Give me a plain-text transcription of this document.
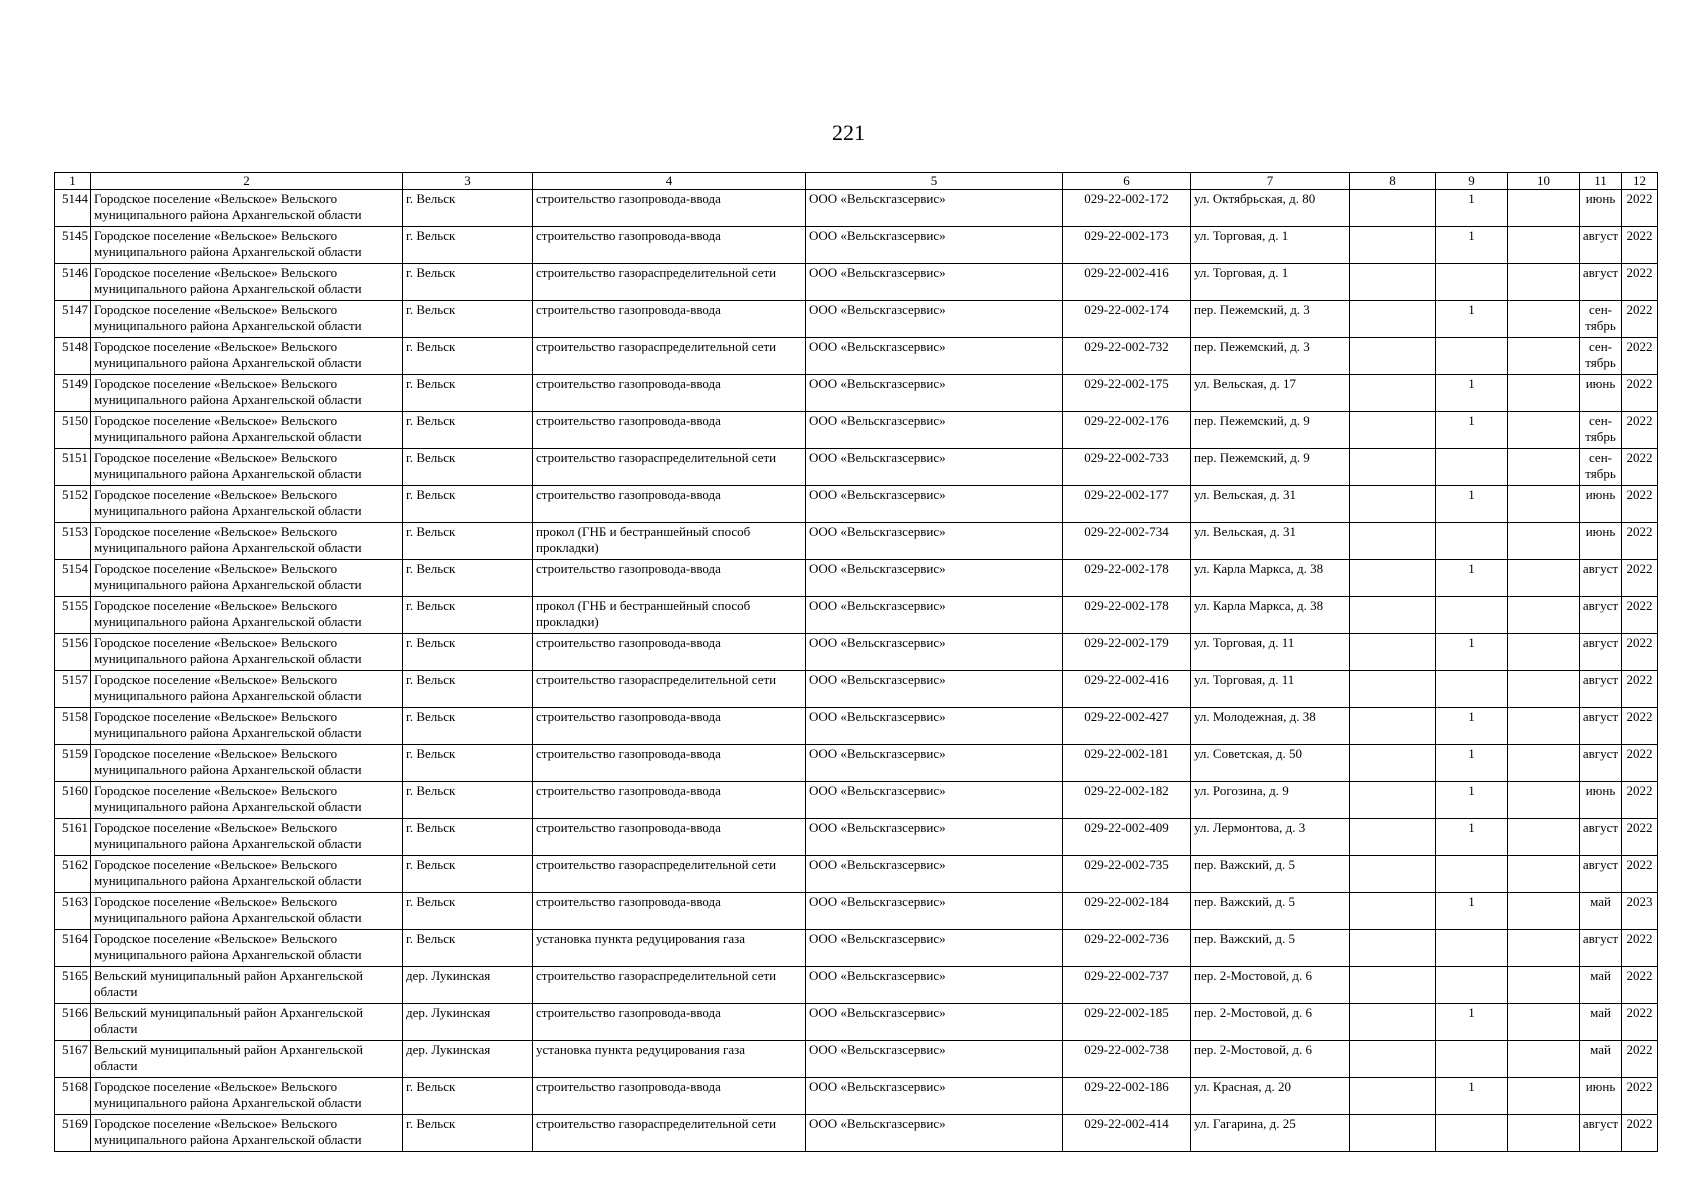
221
1	2	3	4	5	6	7	8	9	10	11	12
5144	Городское поселение «Вельское» Вельского муниципального района Архангельской области	г. Вельск	строительство газопровода-ввода	ООО «Вельскгазсервис»	029-22-002-172	ул. Октябрьская, д. 80		1		июнь	2022
5145	Городское поселение «Вельское» Вельского муниципального района Архангельской области	г. Вельск	строительство газопровода-ввода	ООО «Вельскгазсервис»	029-22-002-173	ул. Торговая, д. 1		1		август	2022
5146	Городское поселение «Вельское» Вельского муниципального района Архангельской области	г. Вельск	строительство газораспределительной сети	ООО «Вельскгазсервис»	029-22-002-416	ул. Торговая, д. 1				август	2022
5147	Городское поселение «Вельское» Вельского муниципального района Архангельской области	г. Вельск	строительство газопровода-ввода	ООО «Вельскгазсервис»	029-22-002-174	пер. Пежемский, д. 3		1		сен-тябрь	2022
5148	Городское поселение «Вельское» Вельского муниципального района Архангельской области	г. Вельск	строительство газораспределительной сети	ООО «Вельскгазсервис»	029-22-002-732	пер. Пежемский, д. 3				сен-тябрь	2022
5149	Городское поселение «Вельское» Вельского муниципального района Архангельской области	г. Вельск	строительство газопровода-ввода	ООО «Вельскгазсервис»	029-22-002-175	ул. Вельская, д. 17		1		июнь	2022
5150	Городское поселение «Вельское» Вельского муниципального района Архангельской области	г. Вельск	строительство газопровода-ввода	ООО «Вельскгазсервис»	029-22-002-176	пер. Пежемский, д. 9		1		сен-тябрь	2022
5151	Городское поселение «Вельское» Вельского муниципального района Архангельской области	г. Вельск	строительство газораспределительной сети	ООО «Вельскгазсервис»	029-22-002-733	пер. Пежемский, д. 9				сен-тябрь	2022
5152	Городское поселение «Вельское» Вельского муниципального района Архангельской области	г. Вельск	строительство газопровода-ввода	ООО «Вельскгазсервис»	029-22-002-177	ул. Вельская, д. 31		1		июнь	2022
5153	Городское поселение «Вельское» Вельского муниципального района Архангельской области	г. Вельск	прокол (ГНБ и бестраншейный способ прокладки)	ООО «Вельскгазсервис»	029-22-002-734	ул. Вельская, д. 31				июнь	2022
5154	Городское поселение «Вельское» Вельского муниципального района Архангельской области	г. Вельск	строительство газопровода-ввода	ООО «Вельскгазсервис»	029-22-002-178	ул. Карла Маркса, д. 38		1		август	2022
5155	Городское поселение «Вельское» Вельского муниципального района Архангельской области	г. Вельск	прокол (ГНБ и бестраншейный способ прокладки)	ООО «Вельскгазсервис»	029-22-002-178	ул. Карла Маркса, д. 38				август	2022
5156	Городское поселение «Вельское» Вельского муниципального района Архангельской области	г. Вельск	строительство газопровода-ввода	ООО «Вельскгазсервис»	029-22-002-179	ул. Торговая, д. 11		1		август	2022
5157	Городское поселение «Вельское» Вельского муниципального района Архангельской области	г. Вельск	строительство газораспределительной сети	ООО «Вельскгазсервис»	029-22-002-416	ул. Торговая, д. 11				август	2022
5158	Городское поселение «Вельское» Вельского муниципального района Архангельской области	г. Вельск	строительство газопровода-ввода	ООО «Вельскгазсервис»	029-22-002-427	ул. Молодежная, д. 38		1		август	2022
5159	Городское поселение «Вельское» Вельского муниципального района Архангельской области	г. Вельск	строительство газопровода-ввода	ООО «Вельскгазсервис»	029-22-002-181	ул. Советская, д. 50		1		август	2022
5160	Городское поселение «Вельское» Вельского муниципального района Архангельской области	г. Вельск	строительство газопровода-ввода	ООО «Вельскгазсервис»	029-22-002-182	ул. Рогозина, д. 9		1		июнь	2022
5161	Городское поселение «Вельское» Вельского муниципального района Архангельской области	г. Вельск	строительство газопровода-ввода	ООО «Вельскгазсервис»	029-22-002-409	ул. Лермонтова, д. 3		1		август	2022
5162	Городское поселение «Вельское» Вельского муниципального района Архангельской области	г. Вельск	строительство газораспределительной сети	ООО «Вельскгазсервис»	029-22-002-735	пер. Важский, д. 5				август	2022
5163	Городское поселение «Вельское» Вельского муниципального района Архангельской области	г. Вельск	строительство газопровода-ввода	ООО «Вельскгазсервис»	029-22-002-184	пер. Важский, д. 5		1		май	2023
5164	Городское поселение «Вельское» Вельского муниципального района Архангельской области	г. Вельск	установка пункта редуцирования газа	ООО «Вельскгазсервис»	029-22-002-736	пер. Важский, д. 5				август	2022
5165	Вельский муниципальный район Архангельской области	дер. Лукинская	строительство газораспределительной сети	ООО «Вельскгазсервис»	029-22-002-737	пер. 2-Мостовой, д. 6				май	2022
5166	Вельский муниципальный район Архангельской области	дер. Лукинская	строительство газопровода-ввода	ООО «Вельскгазсервис»	029-22-002-185	пер. 2-Мостовой, д. 6		1		май	2022
5167	Вельский муниципальный район Архангельской области	дер. Лукинская	установка пункта редуцирования газа	ООО «Вельскгазсервис»	029-22-002-738	пер. 2-Мостовой, д. 6				май	2022
5168	Городское поселение «Вельское» Вельского муниципального района Архангельской области	г. Вельск	строительство газопровода-ввода	ООО «Вельскгазсервис»	029-22-002-186	ул. Красная, д. 20		1		июнь	2022
5169	Городское поселение «Вельское» Вельского муниципального района Архангельской области	г. Вельск	строительство газораспределительной сети	ООО «Вельскгазсервис»	029-22-002-414	ул. Гагарина, д. 25				август	2022
